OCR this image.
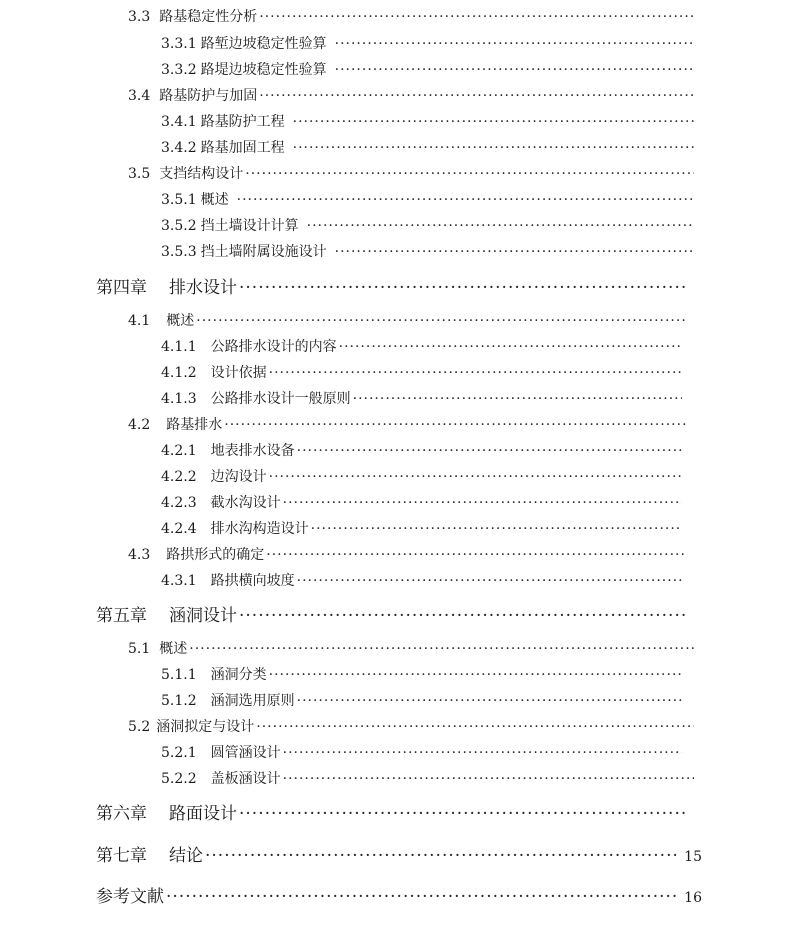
3.3 路基稳定性分析
·····
3.3.1 路堑边坡稳定性验算
·····
3.3.2 路堤边坡稳定性验算
·····
3.4 路基防护与加固
·····
3.4.1 路基防护工程
·····
3.4.2 路基加固工程
·····
3.5 支挡结构设计
·····
3.5.1 概述
·····
3.5.2 挡土墙设计计算
·····
3.5.3 挡土墙附属设施设计
·····
第四章 排水设计
·····
4.1 概述
·····
4.1.1 公路排水设计的内容
·····
4.1.2 设计依据
·····
4.1.3 公路排水设计一般原则
·····
4.2 路基排水
·····
4.2.1 地表排水设备
·····
4.2.2 边沟设计
·····
4.2.3 截水沟设计
·····
4.2.4 排水沟构造设计
·····
4.3 路拱形式的确定
·····
4.3.1 路拱横向坡度
·····
第五章 涵洞设计
·····
5.1 概述
·····
5.1.1 涵洞分类
·····
5.1.2 涵洞选用原则
·····
5.2 涵洞拟定与设计
·····
5.2.1 圆管涵设计
·····
5.2.2 盖板涵设计
·····
第六章 路面设计
·····
第七章 结论 ·····	15
参考文献 ·····	16
